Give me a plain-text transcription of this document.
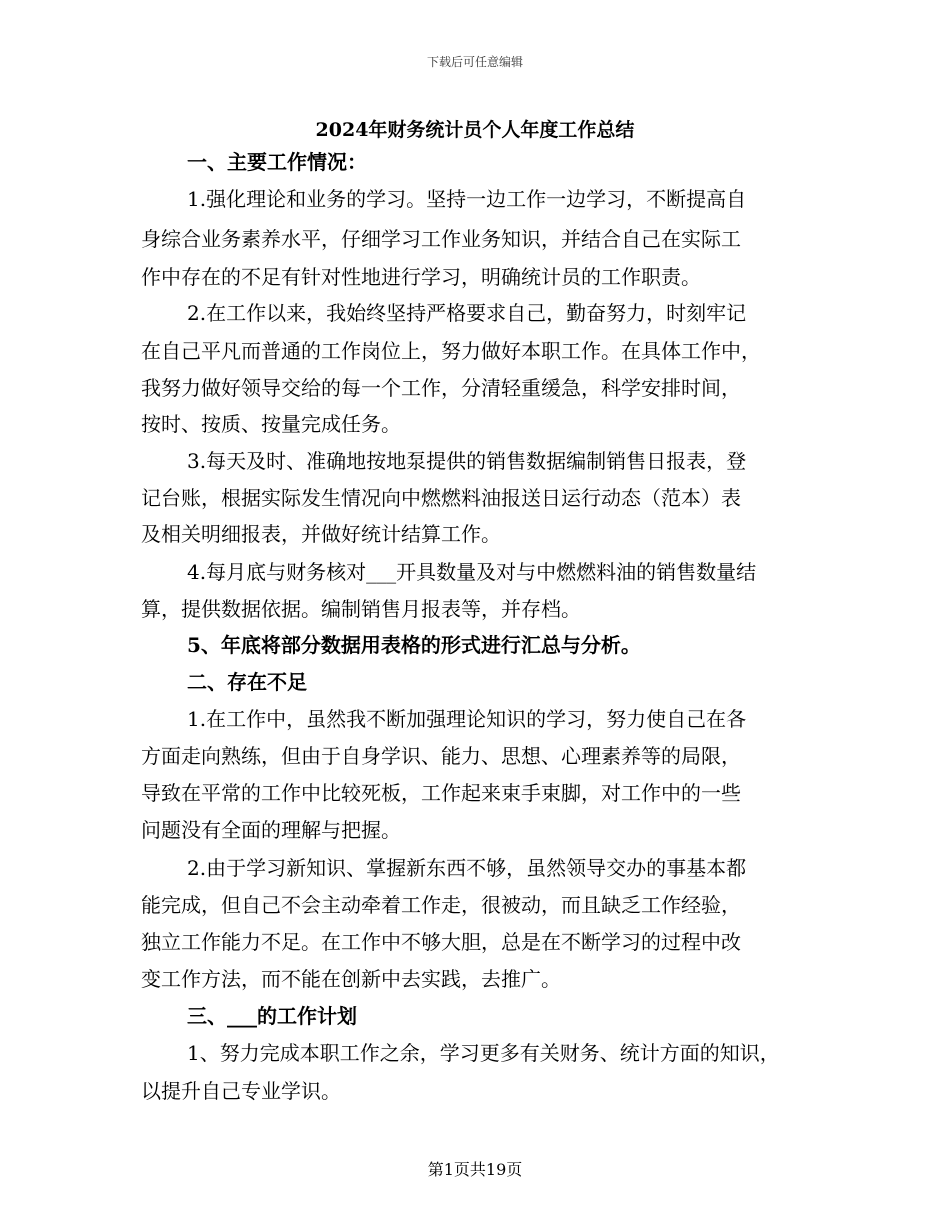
下载后可任意编辑
2024年财务统计员个人年度工作总结
一、主要工作情况：
1.强化理论和业务的学习。坚持一边工作一边学习，不断提高自
身综合业务素养水平，仔细学习工作业务知识，并结合自己在实际工
作中存在的不足有针对性地进行学习，明确统计员的工作职责。
2.在工作以来，我始终坚持严格要求自己，勤奋努力，时刻牢记
在自己平凡而普通的工作岗位上，努力做好本职工作。在具体工作中，
我努力做好领导交给的每一个工作，分清轻重缓急，科学安排时间，
按时、按质、按量完成任务。
3.每天及时、准确地按地泵提供的销售数据编制销售日报表，登
记台账，根据实际发生情况向中燃燃料油报送日运行动态（范本）表
及相关明细报表，并做好统计结算工作。
4.每月底与财务核对___开具数量及对与中燃燃料油的销售数量结
算，提供数据依据。编制销售月报表等，并存档。
5、年底将部分数据用表格的形式进行汇总与分析。
二、存在不足
1.在工作中，虽然我不断加强理论知识的学习，努力使自己在各
方面走向熟练，但由于自身学识、能力、思想、心理素养等的局限，
导致在平常的工作中比较死板，工作起来束手束脚，对工作中的一些
问题没有全面的理解与把握。
2.由于学习新知识、掌握新东西不够，虽然领导交办的事基本都
能完成，但自己不会主动牵着工作走，很被动，而且缺乏工作经验，
独立工作能力不足。在工作中不够大胆，总是在不断学习的过程中改
变工作方法，而不能在创新中去实践，去推广。
三、___的工作计划
1、努力完成本职工作之余，学习更多有关财务、统计方面的知识，
以提升自己专业学识。
第1页共19页
